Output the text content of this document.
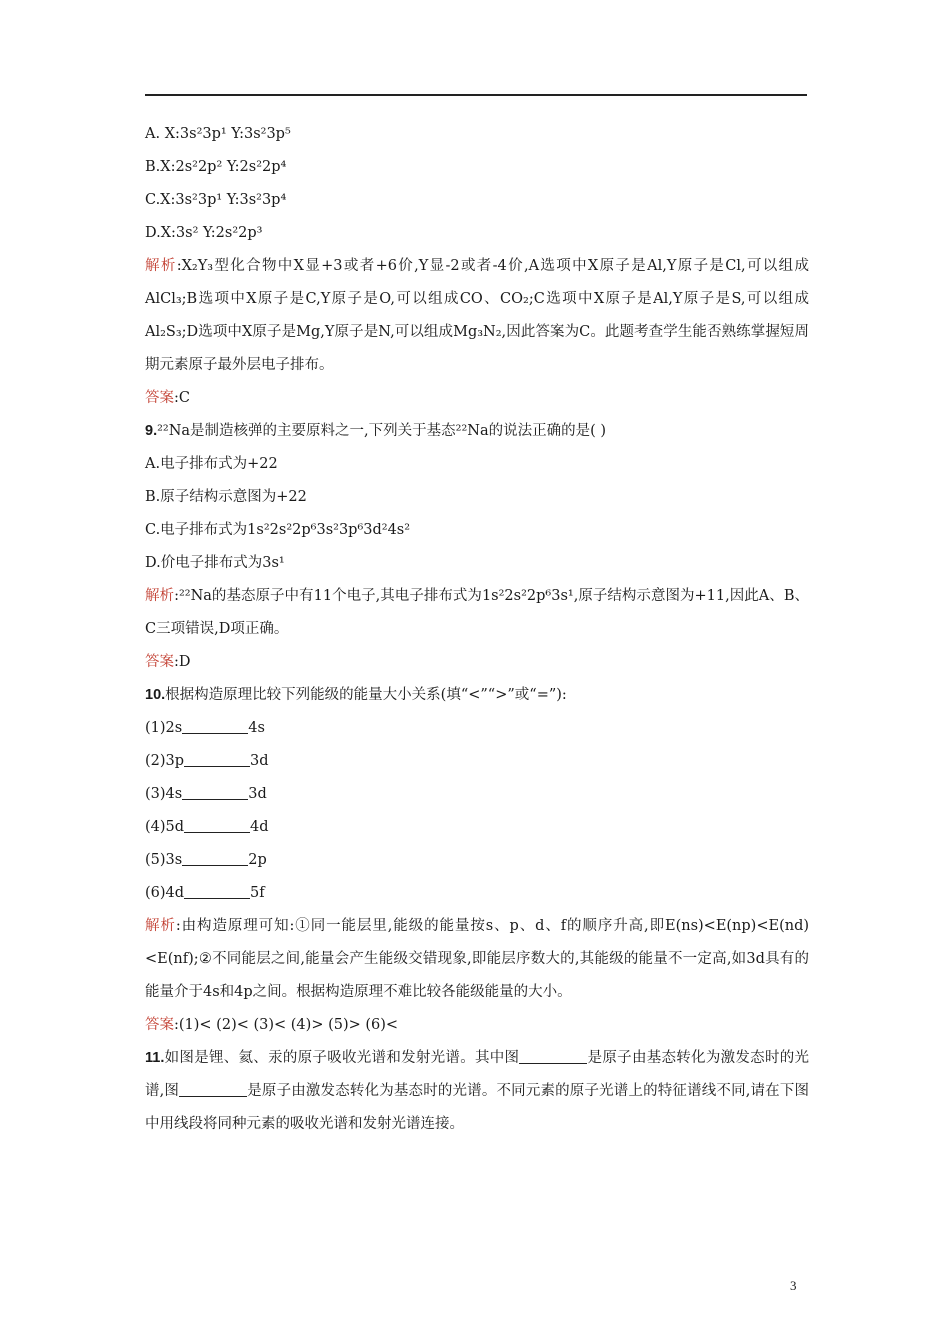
A. X:3s²3p¹ Y:3s²3p⁵
B.X:2s²2p² Y:2s²2p⁴
C.X:3s²3p¹ Y:3s²3p⁴
D.X:3s² Y:2s²2p³
解析:X₂Y₃型化合物中X显+3或者+6价,Y显-2或者-4价,A选项中X原子是Al,Y原子是Cl,可以组成AlCl₃;B选项中X原子是C,Y原子是O,可以组成CO、CO₂;C选项中X原子是Al,Y原子是S,可以组成Al₂S₃;D选项中X原子是Mg,Y原子是N,可以组成Mg₃N₂,因此答案为C。此题考查学生能否熟练掌握短周期元素原子最外层电子排布。
答案:C
9.²²Na是制造核弹的主要原料之一,下列关于基态²²Na的说法正确的是( )
A.电子排布式为+22
B.原子结构示意图为+22
C.电子排布式为1s²2s²2p⁶3s²3p⁶3d²4s²
D.价电子排布式为3s¹
解析:²²Na的基态原子中有11个电子,其电子排布式为1s²2s²2p⁶3s¹,原子结构示意图为+11,因此A、B、C三项错误,D项正确。
答案:D
10.根据构造原理比较下列能级的能量大小关系(填“<”“>”或“=”):
(1)2s	4s
(2)3p	3d
(3)4s	3d
(4)5d	4d
(5)3s	2p
(6)4d	5f
解析:由构造原理可知:①同一能层里,能级的能量按s、p、d、f的顺序升高,即E(ns)<E(np)<E(nd)<E(nf);②不同能层之间,能量会产生能级交错现象,即能层序数大的,其能级的能量不一定高,如3d具有的能量介于4s和4p之间。根据构造原理不难比较各能级能量的大小。
答案:(1)< (2)< (3)< (4)> (5)> (6)<
11.如图是锂、氦、汞的原子吸收光谱和发射光谱。其中图	是原子由基态转化为激发态时的光谱,图	是原子由激发态转化为基态时的光谱。不同元素的原子光谱上的特征谱线不同,请在下图中用线段将同种元素的吸收光谱和发射光谱连接。
3
